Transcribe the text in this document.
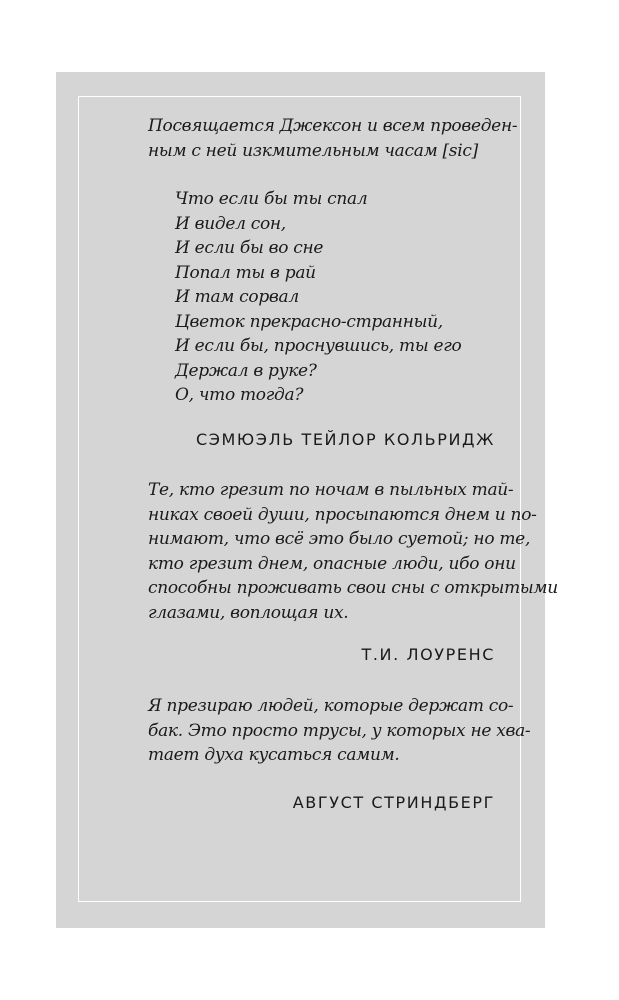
Посвящается Джексон и всем проведен-
ным с ней изкмительным часам [sic]
Что если бы ты спал
И видел сон,
И если бы во сне
Попал ты в рай
И там сорвал
Цветок прекрасно-странный,
И если бы, проснувшись, ты его
Держал в руке?
О, что тогда?
СЭМЮЭЛЬ ТЕЙЛОР КОЛЬРИДЖ
Те, кто грезит по ночам в пыльных тай-
никах своей души, просыпаются днем и по-
нимают, что всё это было суетой; но те,
кто грезит днем, опасные люди, ибо они
способны проживать свои сны с открытыми
глазами, воплощая их.
Т.И. ЛОУРЕНС
Я презираю людей, которые держат со-
бак. Это просто трусы, у которых не хва-
тает духа кусаться самим.
АВГУСТ СТРИНДБЕРГ
